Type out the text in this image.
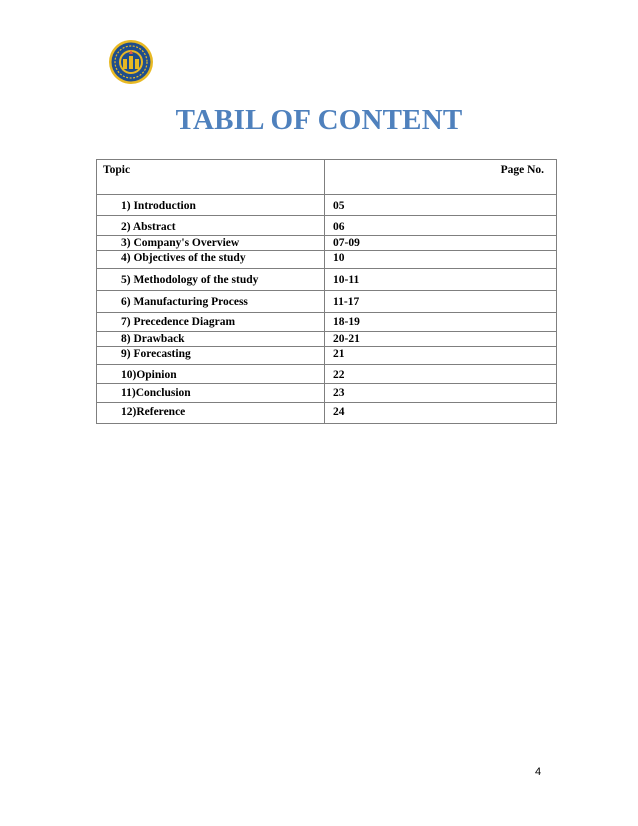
TABIL OF CONTENT
Topic	Page No.
1) Introduction	05
2) Abstract	06
3) Company's Overview	07-09
4) Objectives of the study	10
5) Methodology of the study	10-11
6) Manufacturing Process	11-17
7) Precedence Diagram	18-19
8) Drawback	20-21
9) Forecasting	21
10)Opinion	22
11)Conclusion	23
12)Reference	24
4
